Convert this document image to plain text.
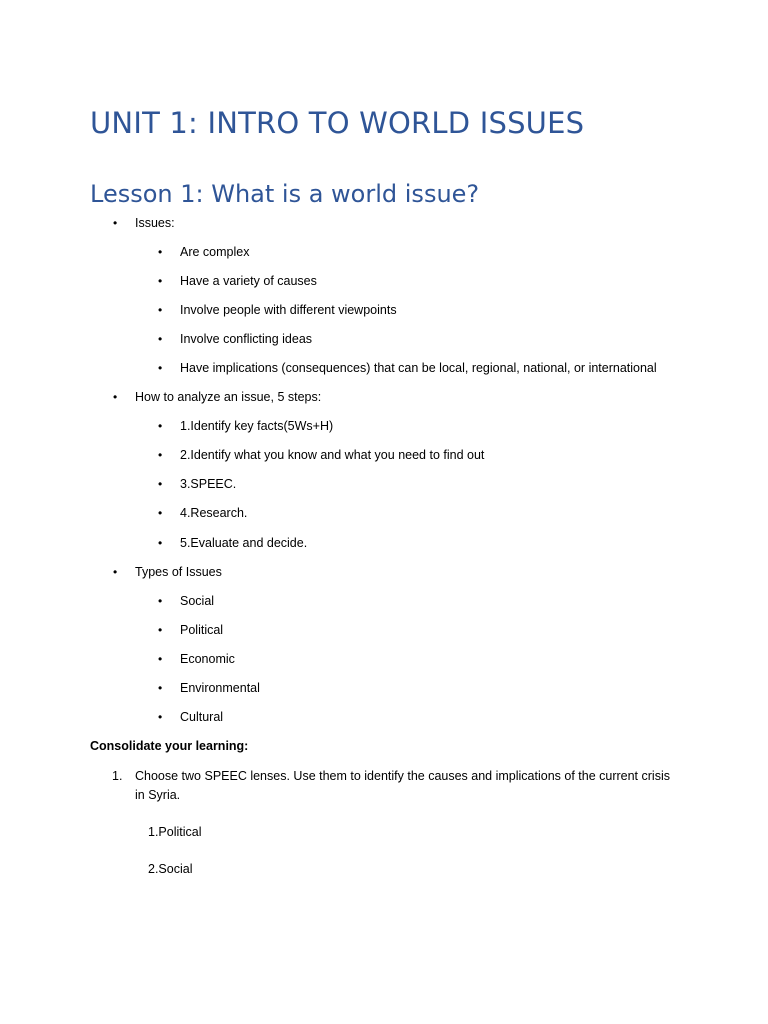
UNIT 1: INTRO TO WORLD ISSUES
Lesson 1: What is a world issue?
• Issues:
• Are complex
• Have a variety of causes
• Involve people with different viewpoints
• Involve conflicting ideas
• Have implications (consequences) that can be local, regional, national, or international
• How to analyze an issue, 5 steps:
• 1.Identify key facts(5Ws+H)
• 2.Identify what you know and what you need to find out
• 3.SPEEC.
• 4.Research.
• 5.Evaluate and decide.
• Types of Issues
• Social
• Political
• Economic
• Environmental
• Cultural
Consolidate your learning:
1. Choose two SPEEC lenses. Use them to identify the causes and implications of the current crisis
in Syria.
1.Political
2.Social
